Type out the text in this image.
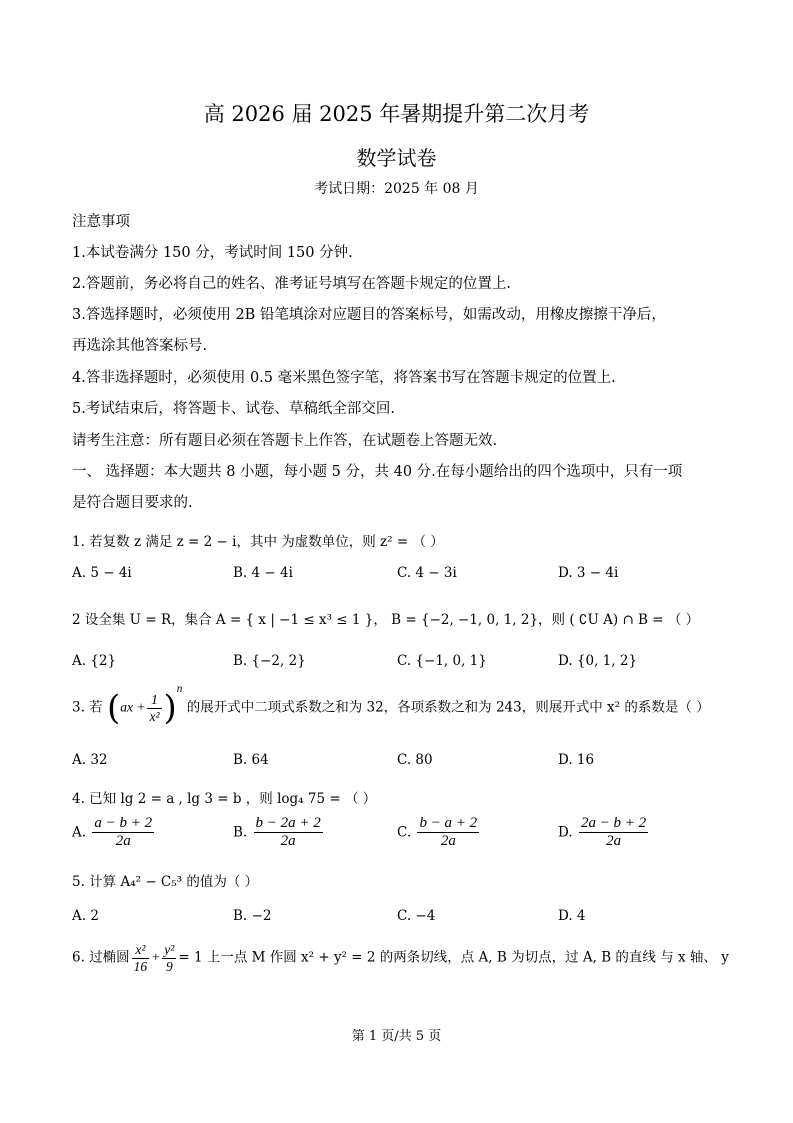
高 2026 届 2025 年暑期提升第二次月考
数学试卷
考试日期：2025 年 08 月
注意事项
1.本试卷满分 150 分，考试时间 150 分钟.
2.答题前，务必将自己的姓名、准考证号填写在答题卡规定的位置上.
3.答选择题时，必须使用 2B 铅笔填涂对应题目的答案标号，如需改动，用橡皮擦擦干净后，
再选涂其他答案标号.
4.答非选择题时，必须使用 0.5 毫米黑色签字笔，将答案书写在答题卡规定的位置上.
5.考试结束后，将答题卡、试卷、草稿纸全部交回.
请考生注意：所有题目必须在答题卡上作答，在试题卷上答题无效.
一、 选择题：本大题共 8 小题，每小题 5 分，共 40 分.在每小题给出的四个选项中，只有一项
是符合题目要求的.
1. 若复数 z 满足 z = 2 − i，其中 为虚数单位，则 z² = （ ）
A. 5 − 4i	B. 4 − 4i	C. 4 − 3i	D. 3 − 4i
2 设全集 U = R，集合 A = { x | −1 ≤ x³ ≤ 1 }， B = {−2, −1, 0, 1, 2}，则 ( ∁U A) ∩ B = （ ）
A. {2}	B. {−2, 2}	C. {−1, 0, 1}	D. {0, 1, 2}
3. 若 $(ax + \frac{1}{\text{x²}} )^n$ 的展开式中二项式系数之和为 32，各项系数之和为 243，则展开式中 x² 的系数是（ ）
A. 32	B. 64	C. 80	D. 16
4. 已知 lg 2 = a , lg 3 = b ，则 log₄ 75 = （ ）
A. $\frac{a - b + 2}{2a}$	B. $\frac{b - 2a + 2}{2a}$	C. $\frac{b - a + 2}{2a}$	D. $\frac{2a - b + 2}{2a}$
5. 计算 A₄² − C₅³ 的值为（ ）
A. 2	B. −2	C. −4	D. 4
6. 过椭圆 $\frac{\text{x²}}{16} + \frac{\text{y²}}{9} = 1$ 上一点 M 作圆 x² + y² = 2 的两条切线，点 A, B 为切点，过 A, B 的直线 与 x 轴、 y
第 1 页/共 5 页
